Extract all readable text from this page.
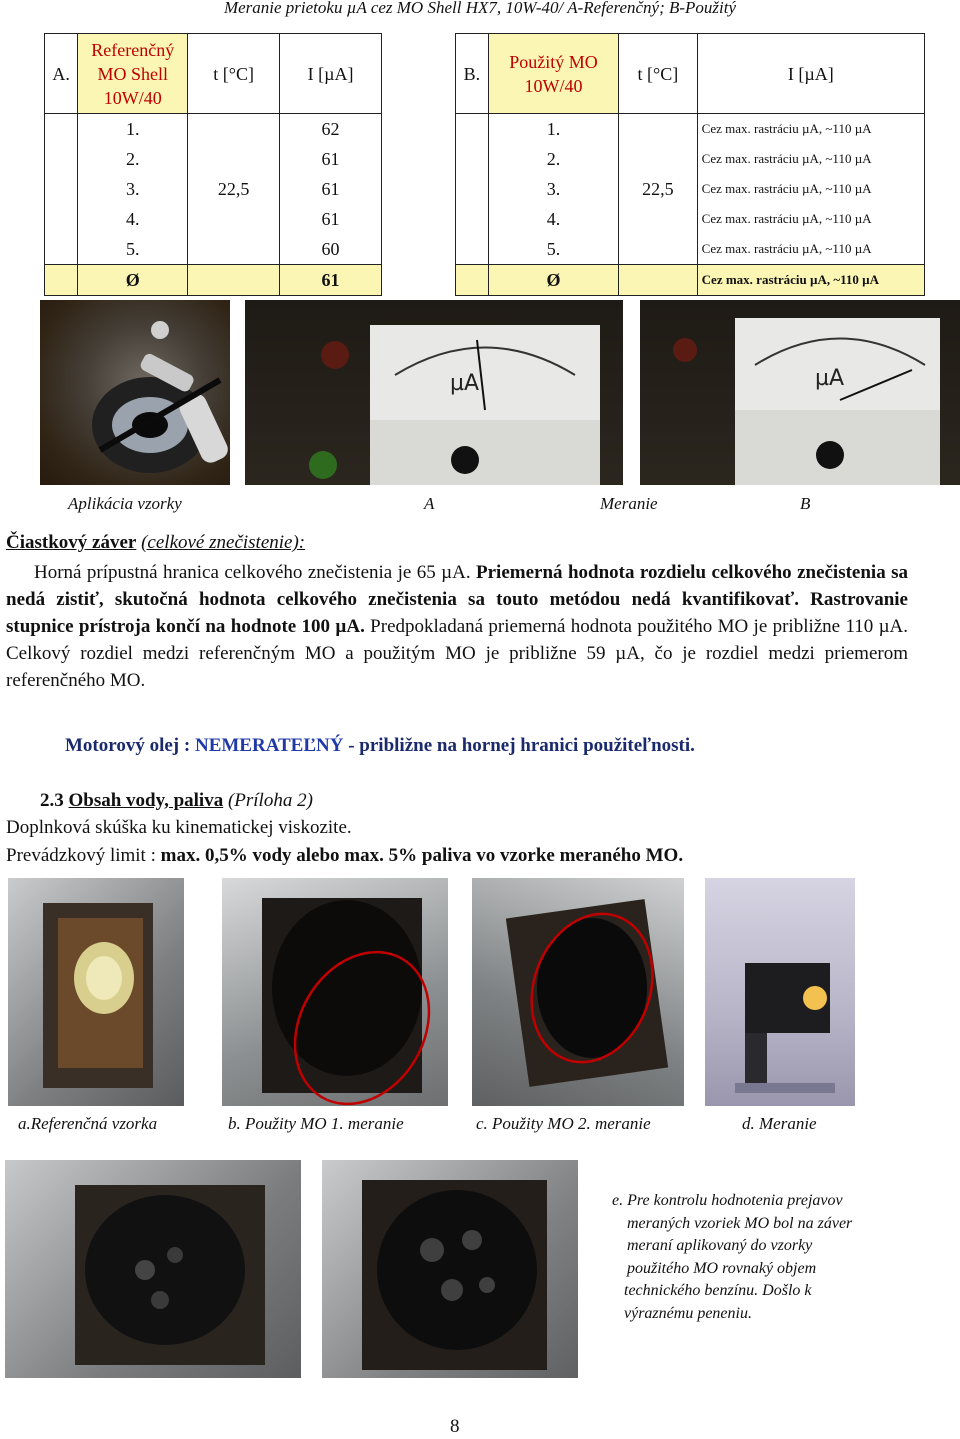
Meranie prietoku µA cez MO Shell HX7, 10W-40/ A-Referenčný; B-Použitý
A.	Referenčný MO Shell 10W/40	t [°C]	I [µA]
	1.	22,5	62
	2.		61
	3.		61
	4.		61
	5.		60
	Ø		61
B.	Použitý MO 10W/40	t [°C]	I [µA]
	1.	22,5	Cez max. rastráciu µA, ~110 µA
	2.		Cez max. rastráciu µA, ~110 µA
	3.		Cez max. rastráciu µA, ~110 µA
	4.		Cez max. rastráciu µA, ~110 µA
	5.		Cez max. rastráciu µA, ~110 µA
	Ø		Cez max. rastráciu µA, ~110 µA
µA	µA
Aplikácia vzorky	A	Meranie	B
Čiastkový záver (celkové znečistenie):
Horná prípustná hranica celkového znečistenia je 65 µA. Priemerná hodnota rozdielu celkového znečistenia sa nedá zistiť, skutočná hodnota celkového znečistenia sa touto metódou nedá kvantifikovať. Rastrovanie stupnice prístroja končí na hodnote 100 µA. Predpokladaná priemerná hodnota použitého MO je približne 110 µA. Celkový rozdiel medzi referenčným MO a použitým MO je približne 59 µA, čo je rozdiel medzi priemerom referenčného MO.
Motorový olej : NEMERATEĽNÝ - približne na hornej hranici použiteľnosti.
2.3 Obsah vody, paliva (Príloha 2)
Doplnková skúška ku kinematickej viskozite.
Prevádzkový limit : max. 0,5% vody alebo max. 5% paliva vo vzorke meraného MO.
a.Referenčná vzorka	b. Použity MO 1. meranie	c. Použity MO 2. meranie	d. Meranie
e. Pre kontrolu hodnotenia prejavov
meraných vzoriek MO bol na záver
meraní aplikovaný do vzorky
použitého MO rovnaký objem
technického benzínu. Došlo k
výraznému peneniu.
8
